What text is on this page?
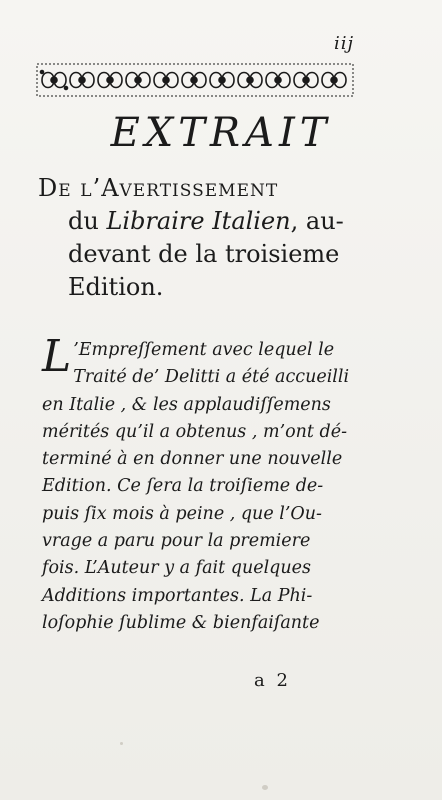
iij
EXTRAIT
De l’Avertissement
du Libraire Italien, au-
devant de la troisieme
Edition.
L ’Empreſſement avec lequel le
Traité de’ Delitti a été accueilli
en Italie , & les applaudiſſemens
mérités qu’il a obtenus , m’ont dé-
terminé à en donner une nouvelle
Edition. Ce ſera la troiſieme de-
puis ſix mois à peine , que l’Ou-
vrage a paru pour la premiere
fois. L’Auteur y a fait quelques
Additions importantes. La Phi-
loſophie ſublime & bienfaiſante
a 2
